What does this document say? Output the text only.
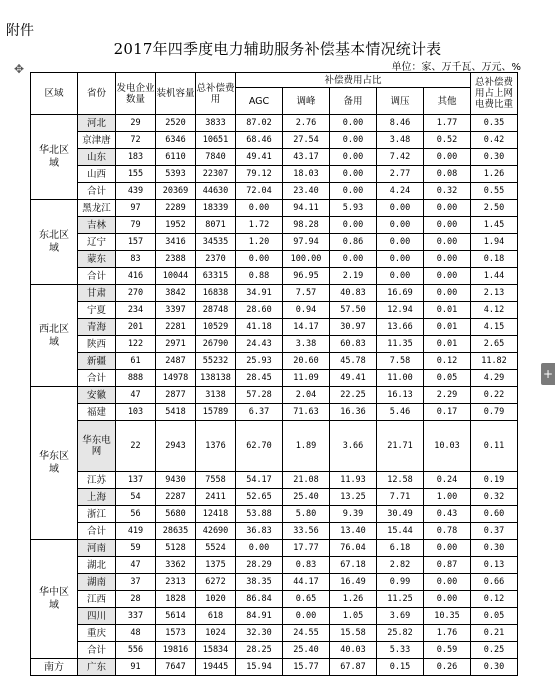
附件
2017年四季度电力辅助服务补偿基本情况统计表
✥	单位：家、万千瓦、万元、%
+
区域	省份	发电企业数量	装机容量	总补偿费用	补偿费用占比					总补偿费用占上网电费比重
					AGC	调峰	备用	调压	其他	
华北区域	河北	29	2520	3833	87.02	2.76	0.00	8.46	1.77	0.35
	京津唐	72	6346	10651	68.46	27.54	0.00	3.48	0.52	0.42
	山东	183	6110	7840	49.41	43.17	0.00	7.42	0.00	0.30
	山西	155	5393	22307	79.12	18.03	0.00	2.77	0.08	1.26
	合计	439	20369	44630	72.04	23.40	0.00	4.24	0.32	0.55
东北区域	黑龙江	97	2289	18339	0.00	94.11	5.93	0.00	0.00	2.50
	吉林	79	1952	8071	1.72	98.28	0.00	0.00	0.00	1.45
	辽宁	157	3416	34535	1.20	97.94	0.86	0.00	0.00	1.94
	蒙东	83	2388	2370	0.00	100.00	0.00	0.00	0.00	0.18
	合计	416	10044	63315	0.88	96.95	2.19	0.00	0.00	1.44
西北区域	甘肃	270	3842	16838	34.91	7.57	40.83	16.69	0.00	2.13
	宁夏	234	3397	28748	28.60	0.94	57.50	12.94	0.01	4.12
	青海	201	2281	10529	41.18	14.17	30.97	13.66	0.01	4.15
	陕西	122	2971	26790	24.43	3.38	60.83	11.35	0.01	2.65
	新疆	61	2487	55232	25.93	20.60	45.78	7.58	0.12	11.82
	合计	888	14978	138138	28.45	11.09	49.41	11.00	0.05	4.29
华东区域	安徽	47	2877	3138	57.28	2.04	22.25	16.13	2.29	0.22
	福建	103	5418	15789	6.37	71.63	16.36	5.46	0.17	0.79
	华东电网	22	2943	1376	62.70	1.89	3.66	21.71	10.03	0.11
	江苏	137	9430	7558	54.17	21.08	11.93	12.58	0.24	0.19
	上海	54	2287	2411	52.65	25.40	13.25	7.71	1.00	0.32
	浙江	56	5680	12418	53.88	5.80	9.39	30.49	0.43	0.60
	合计	419	28635	42690	36.83	33.56	13.40	15.44	0.78	0.37
华中区域	河南	59	5128	5524	0.00	17.77	76.04	6.18	0.00	0.30
	湖北	47	3362	1375	28.29	0.83	67.18	2.82	0.87	0.13
	湖南	37	2313	6272	38.35	44.17	16.49	0.99	0.00	0.66
	江西	28	1828	1020	86.84	0.65	1.26	11.25	0.00	0.12
	四川	337	5614	618	84.91	0.00	1.05	3.69	10.35	0.05
	重庆	48	1573	1024	32.30	24.55	15.58	25.82	1.76	0.21
	合计	556	19816	15834	28.25	25.40	40.03	5.33	0.59	0.25
南方	广东	91	7647	19445	15.94	15.77	67.87	0.15	0.26	0.30
